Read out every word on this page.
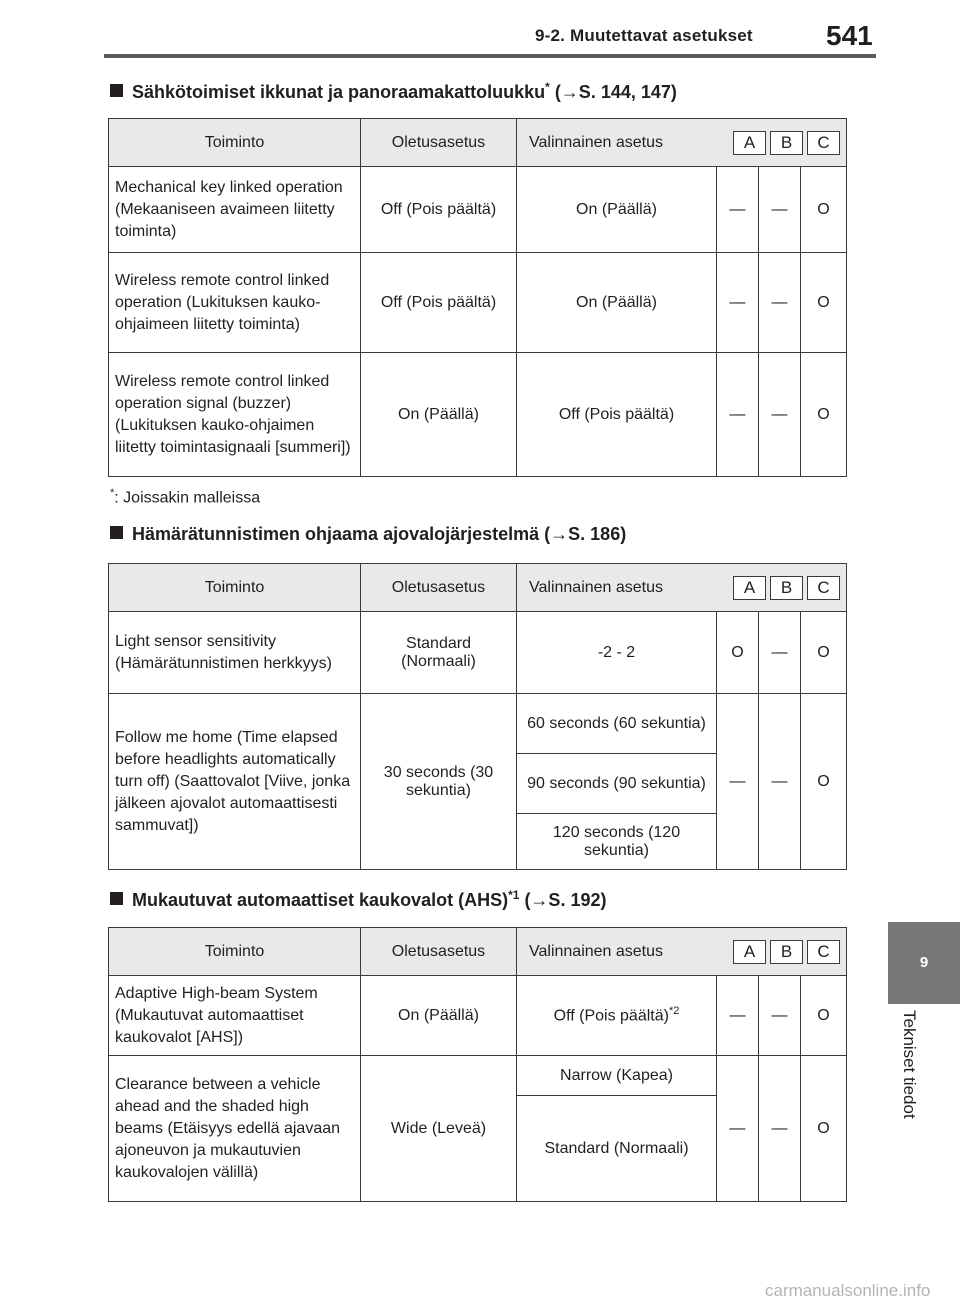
9-2. Muutettavat asetukset	541
9
Tekniset tiedot
Sähkötoimiset ikkunat ja panoraamakattoluukku* (→S. 144, 147)
Toiminto	Oletusasetus	Valinnainen asetus A B C			

Mechanical key linked operation (Mekaaniseen avaimeen liitetty toiminta)	Off (Pois päältä)	On (Päällä)	—	—	O
Wireless remote control linked operation (Lukituksen kauko-ohjaimeen liitetty toiminta)	Off (Pois päältä)	On (Päällä)	—	—	O
Wireless remote control linked operation signal (buzzer) (Lukituksen kauko-ohjaimen liitetty toimintasignaali [summeri])	On (Päällä)	Off (Pois päältä)	—	—	O
*: Joissakin malleissa
Hämärätunnistimen ohjaama ajovalojärjestelmä (→S. 186)
Toiminto	Oletusasetus	Valinnainen asetus A B C			

Light sensor sensitivity (Hämärätunnistimen herkkyys)	Standard (Normaali)	-2 - 2	O	—	O
Follow me home (Time elapsed before headlights automatically turn off) (Saattovalot [Viive, jonka jälkeen ajovalot automaattisesti sammuvat])	30 seconds (30 sekuntia)	60 seconds (60 sekuntia)	—	—	O
		90 seconds (90 sekuntia)			
		120 seconds (120 sekuntia)			
Mukautuvat automaattiset kaukovalot (AHS)$^{*1}$ (→S. 192)
Toiminto	Oletusasetus	Valinnainen asetus A B C			

Adaptive High-beam System (Mukautuvat automaattiset kaukovalot [AHS])	On (Päällä)	Off (Pois päältä)$^{*2}$	—	—	O
Clearance between a vehicle ahead and the shaded high beams (Etäisyys edellä ajavaan ajoneuvon ja mukautuvien kaukovalojen välillä)	Wide (Leveä)	Narrow (Kapea)	—	—	O
		Standard (Normaali)			
carmanualsonline.info
